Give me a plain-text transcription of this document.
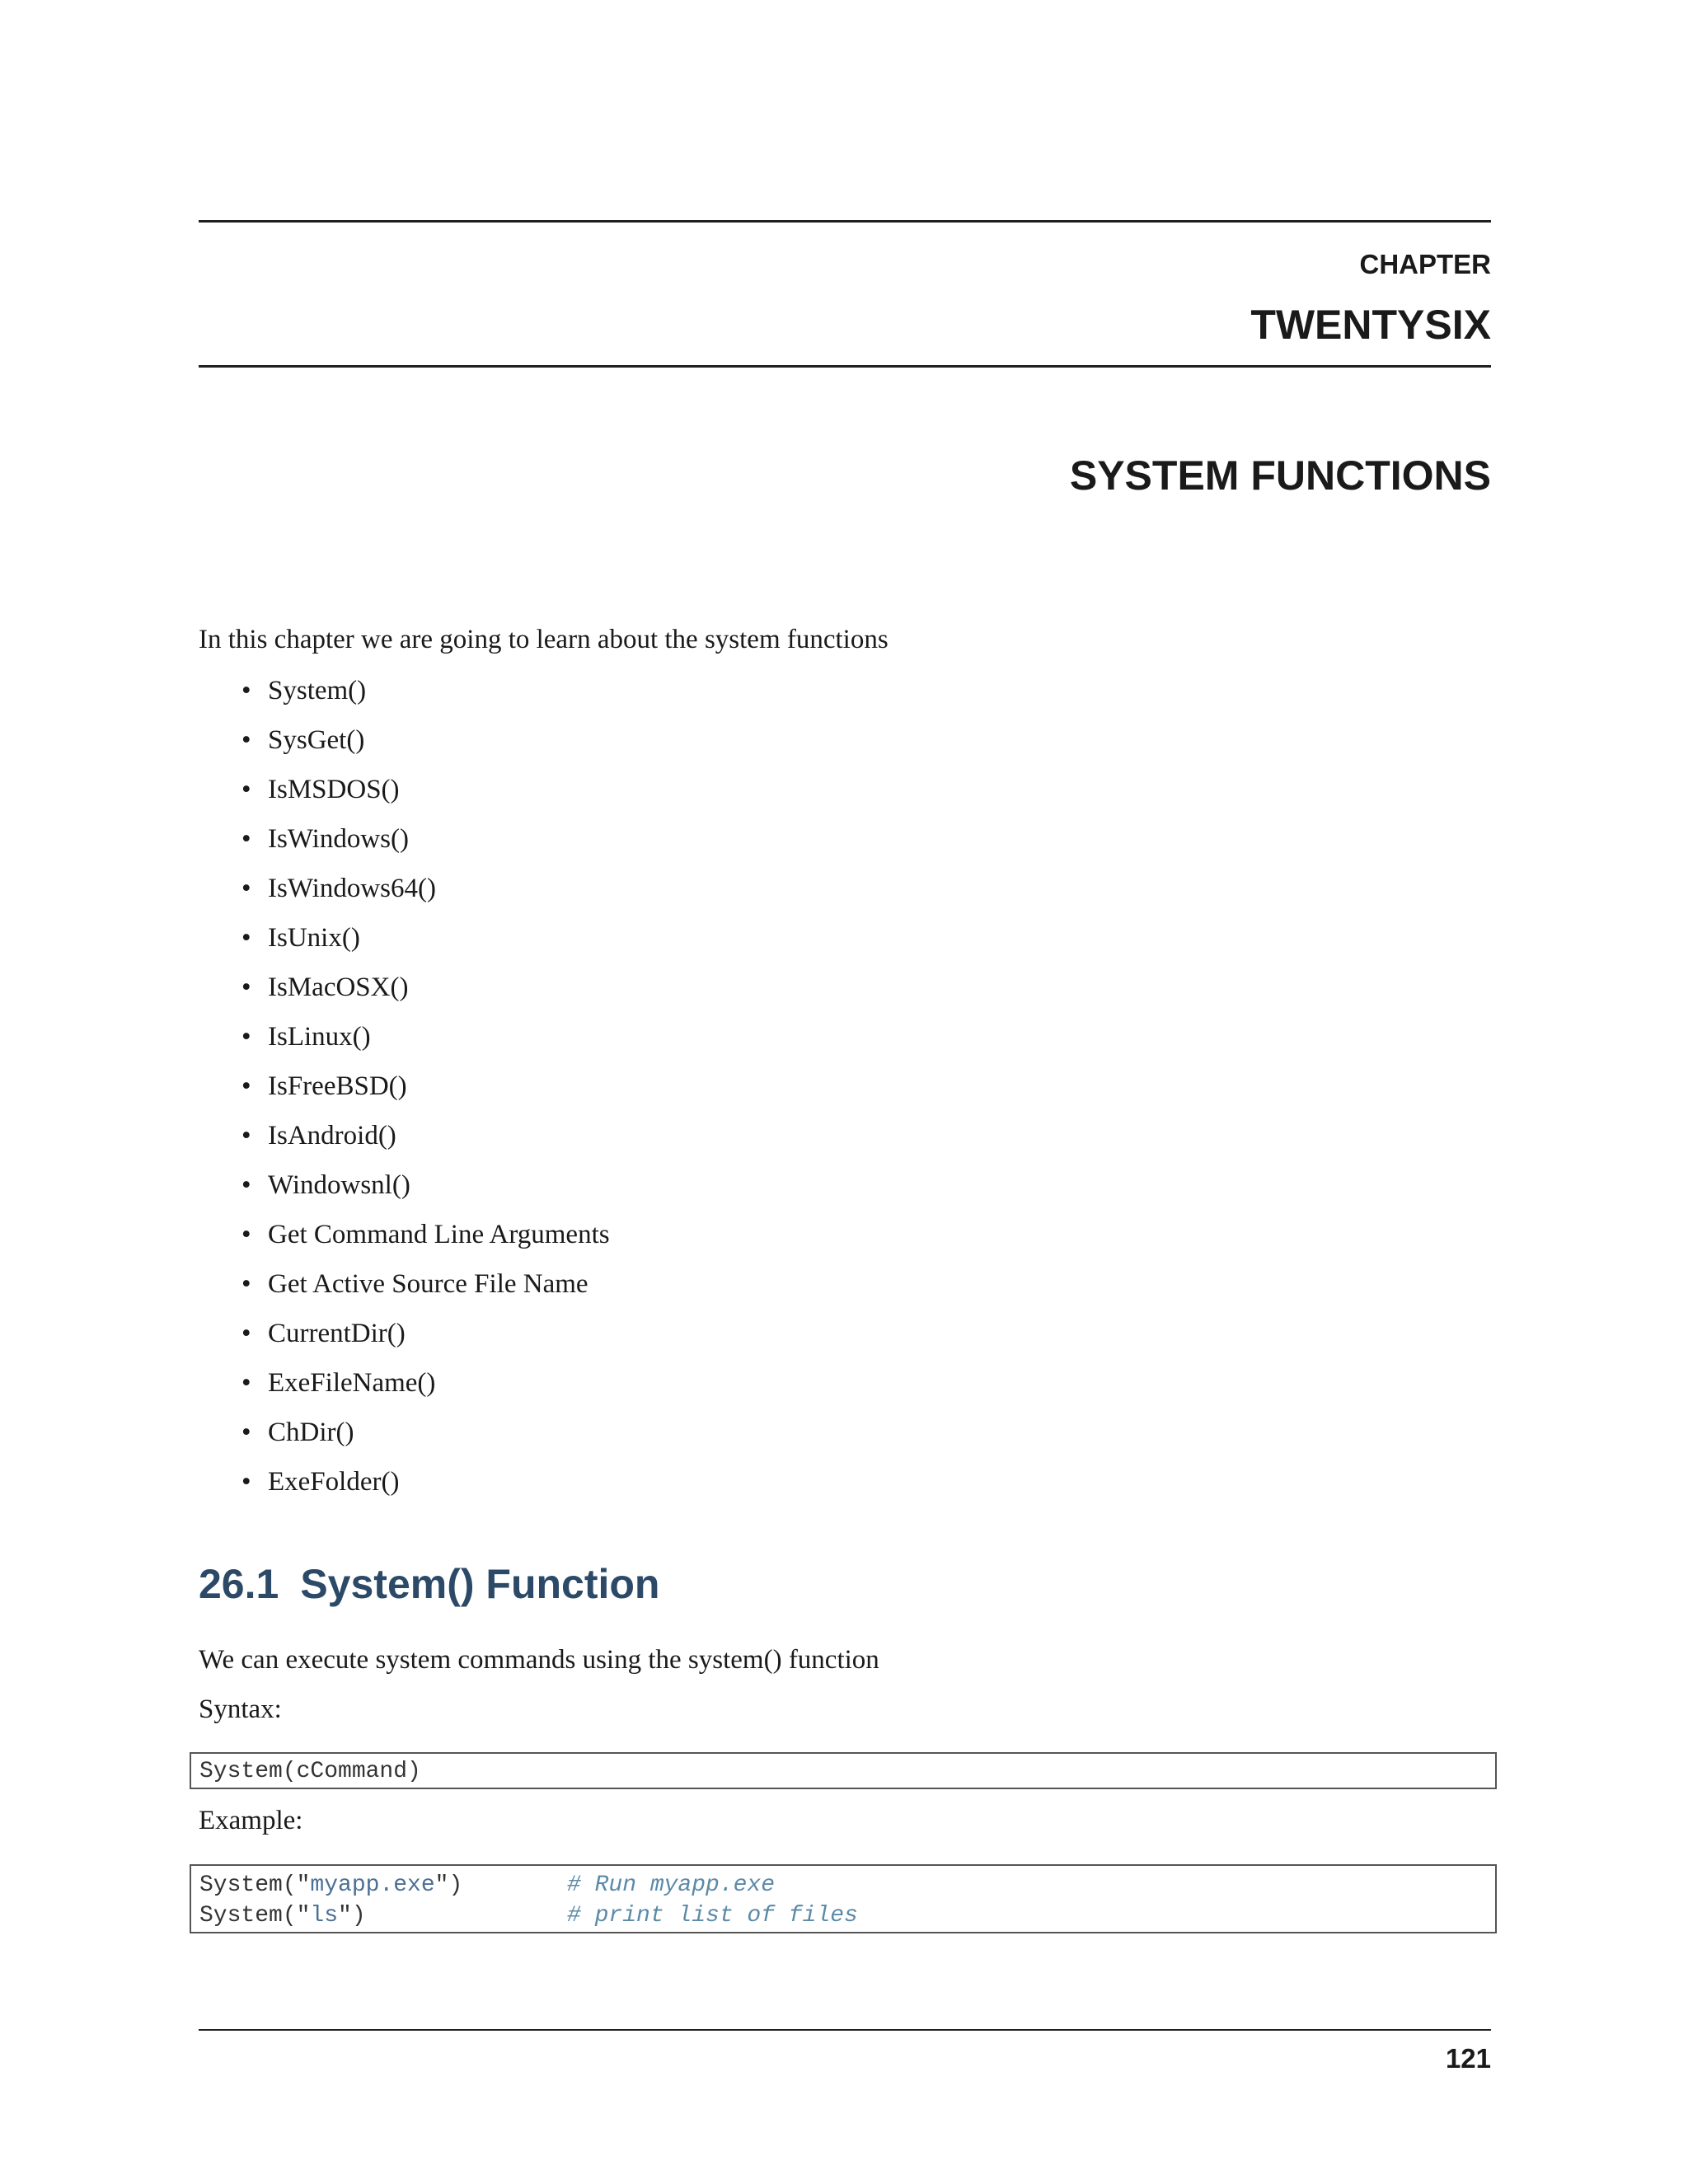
CHAPTER
TWENTYSIX
SYSTEM FUNCTIONS
In this chapter we are going to learn about the system functions
• System()
• SysGet()
• IsMSDOS()
• IsWindows()
• IsWindows64()
• IsUnix()
• IsMacOSX()
• IsLinux()
• IsFreeBSD()
• IsAndroid()
• Windowsnl()
• Get Command Line Arguments
• Get Active Source File Name
• CurrentDir()
• ExeFileName()
• ChDir()
• ExeFolder()
26.1 System() Function
We can execute system commands using the system() function
Syntax:
System(cCommand)
Example:
System("myapp.exe")	# Run myapp.exe
System("ls")	# print list of files
121
